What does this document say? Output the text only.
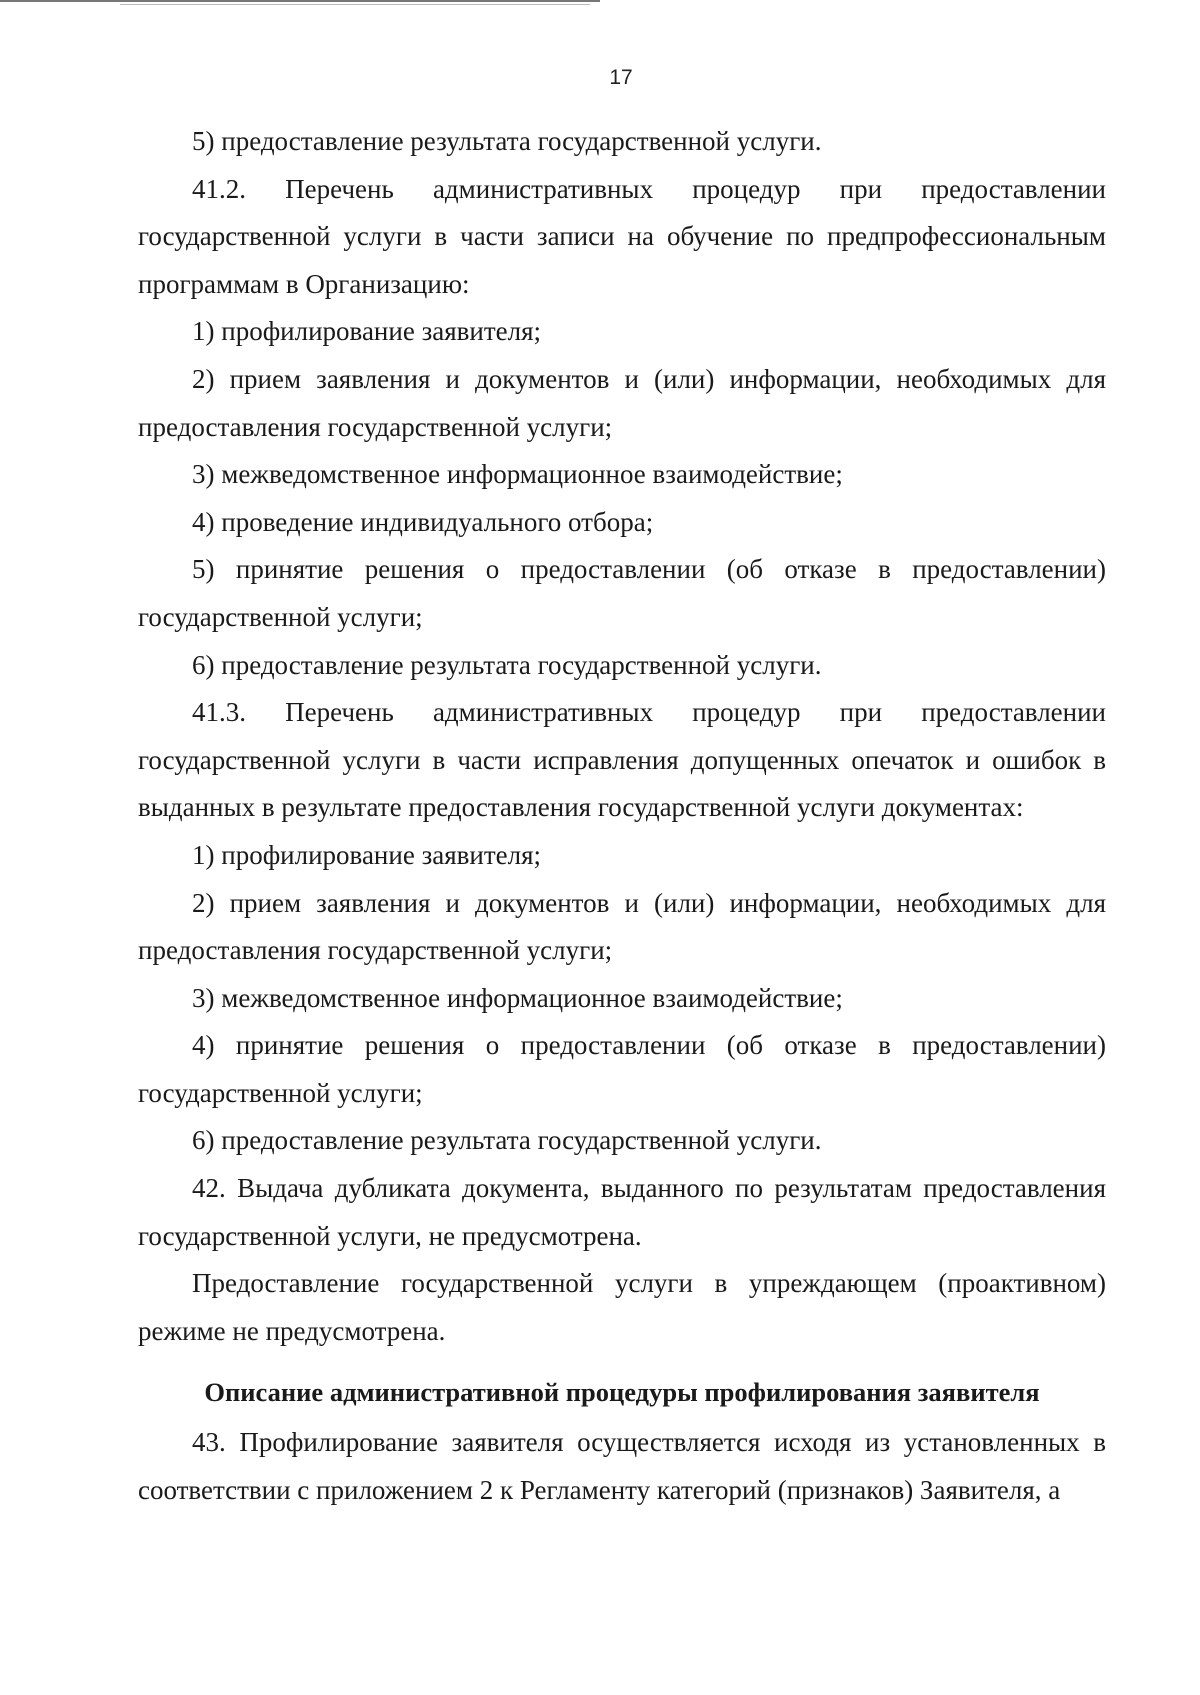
17

5) предоставление результата государственной услуги.

41.2. Перечень административных процедур при предоставлении государственной услуги в части записи на обучение по предпрофессиональным программам в Организацию:

1) профилирование заявителя;

2) прием заявления и документов и (или) информации, необходимых для предоставления государственной услуги;

3) межведомственное информационное взаимодействие;

4) проведение индивидуального отбора;

5) принятие решения о предоставлении (об отказе в предоставлении) государственной услуги;

6) предоставление результата государственной услуги.

41.3. Перечень административных процедур при предоставлении государственной услуги в части исправления допущенных опечаток и ошибок в выданных в результате предоставления государственной услуги документах:

1) профилирование заявителя;

2) прием заявления и документов и (или) информации, необходимых для предоставления государственной услуги;

3) межведомственное информационное взаимодействие;

4) принятие решения о предоставлении (об отказе в предоставлении) государственной услуги;

6) предоставление результата государственной услуги.

42. Выдача дубликата документа, выданного по результатам предоставления государственной услуги, не предусмотрена.

Предоставление государственной услуги в упреждающем (проактивном) режиме не предусмотрена.

Описание административной процедуры профилирования заявителя

43. Профилирование заявителя осуществляется исходя из установленных в соответствии с приложением 2 к Регламенту категорий (признаков) Заявителя, а
